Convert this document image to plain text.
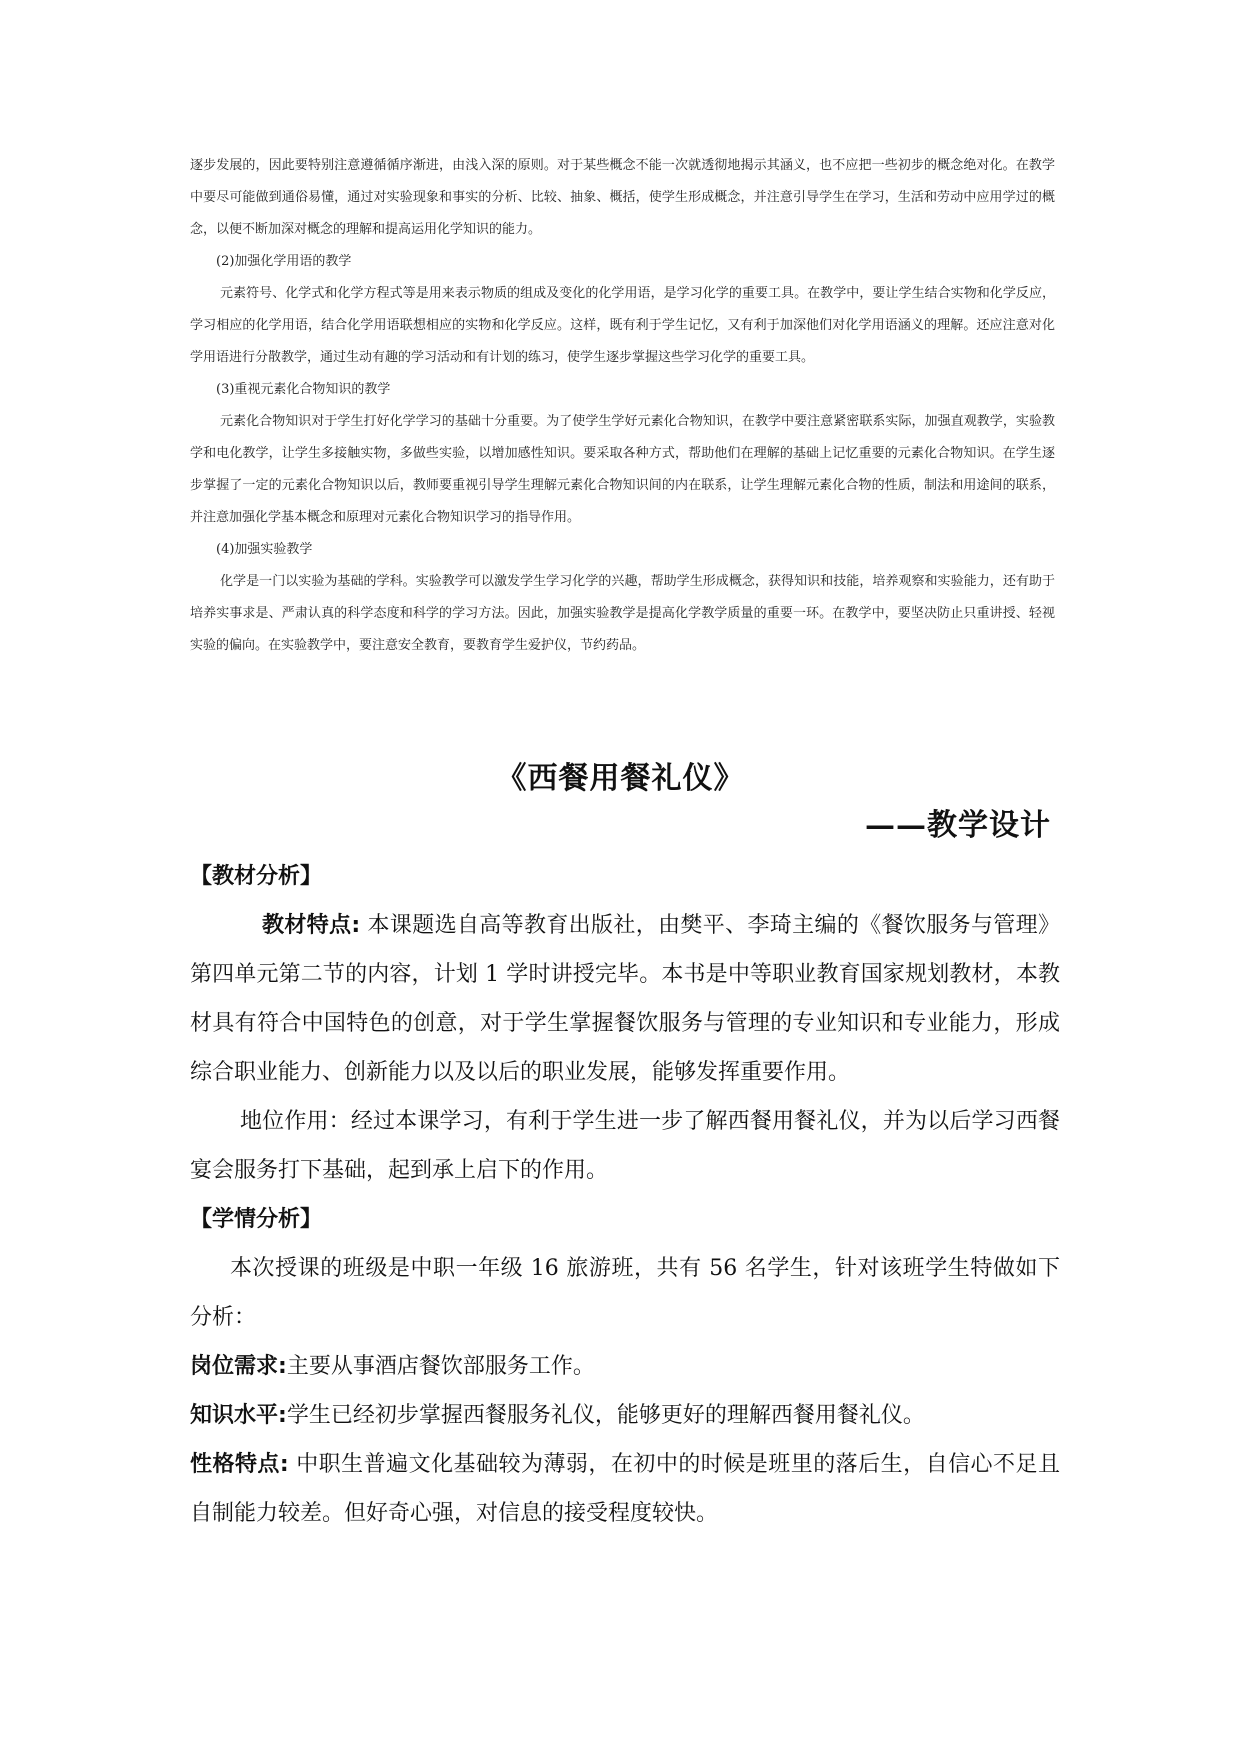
逐步发展的，因此要特别注意遵循循序渐进，由浅入深的原则。对于某些概念不能一次就透彻地揭示其涵义，也不应把一些初步的概念绝对化。在教学中要尽可能做到通俗易懂，通过对实验现象和事实的分析、比较、抽象、概括，使学生形成概念，并注意引导学生在学习，生活和劳动中应用学过的概念，以便不断加深对概念的理解和提高运用化学知识的能力。

(2)加强化学用语的教学

元素符号、化学式和化学方程式等是用来表示物质的组成及变化的化学用语，是学习化学的重要工具。在教学中，要让学生结合实物和化学反应，学习相应的化学用语，结合化学用语联想相应的实物和化学反应。这样，既有利于学生记忆，又有利于加深他们对化学用语涵义的理解。还应注意对化学用语进行分散教学，通过生动有趣的学习活动和有计划的练习，使学生逐步掌握这些学习化学的重要工具。

(3)重视元素化合物知识的教学

元素化合物知识对于学生打好化学学习的基础十分重要。为了使学生学好元素化合物知识，在教学中要注意紧密联系实际，加强直观教学，实验教学和电化教学，让学生多接触实物，多做些实验，以增加感性知识。要采取各种方式，帮助他们在理解的基础上记忆重要的元素化合物知识。在学生逐步掌握了一定的元素化合物知识以后，教师要重视引导学生理解元素化合物知识间的内在联系，让学生理解元素化合物的性质，制法和用途间的联系，并注意加强化学基本概念和原理对元素化合物知识学习的指导作用。

(4)加强实验教学

化学是一门以实验为基础的学科。实验教学可以激发学生学习化学的兴趣，帮助学生形成概念，获得知识和技能，培养观察和实验能力，还有助于培养实事求是、严肃认真的科学态度和科学的学习方法。因此，加强实验教学是提高化学教学质量的重要一环。在教学中，要坚决防止只重讲授、轻视实验的偏向。在实验教学中，要注意安全教育，要教育学生爱护仪，节约药品。

《西餐用餐礼仪》
——教学设计

【教材分析】

教材特点: 本课题选自高等教育出版社，由樊平、李琦主编的《餐饮服务与管理》第四单元第二节的内容，计划 1 学时讲授完毕。本书是中等职业教育国家规划教材，本教材具有符合中国特色的创意，对于学生掌握餐饮服务与管理的专业知识和专业能力，形成综合职业能力、创新能力以及以后的职业发展，能够发挥重要作用。

地位作用：经过本课学习，有利于学生进一步了解西餐用餐礼仪，并为以后学习西餐宴会服务打下基础，起到承上启下的作用。

【学情分析】

本次授课的班级是中职一年级 16 旅游班，共有 56 名学生，针对该班学生特做如下分析：

岗位需求:主要从事酒店餐饮部服务工作。

知识水平:学生已经初步掌握西餐服务礼仪，能够更好的理解西餐用餐礼仪。

性格特点: 中职生普遍文化基础较为薄弱，在初中的时候是班里的落后生，自信心不足且自制能力较差。但好奇心强，对信息的接受程度较快。
